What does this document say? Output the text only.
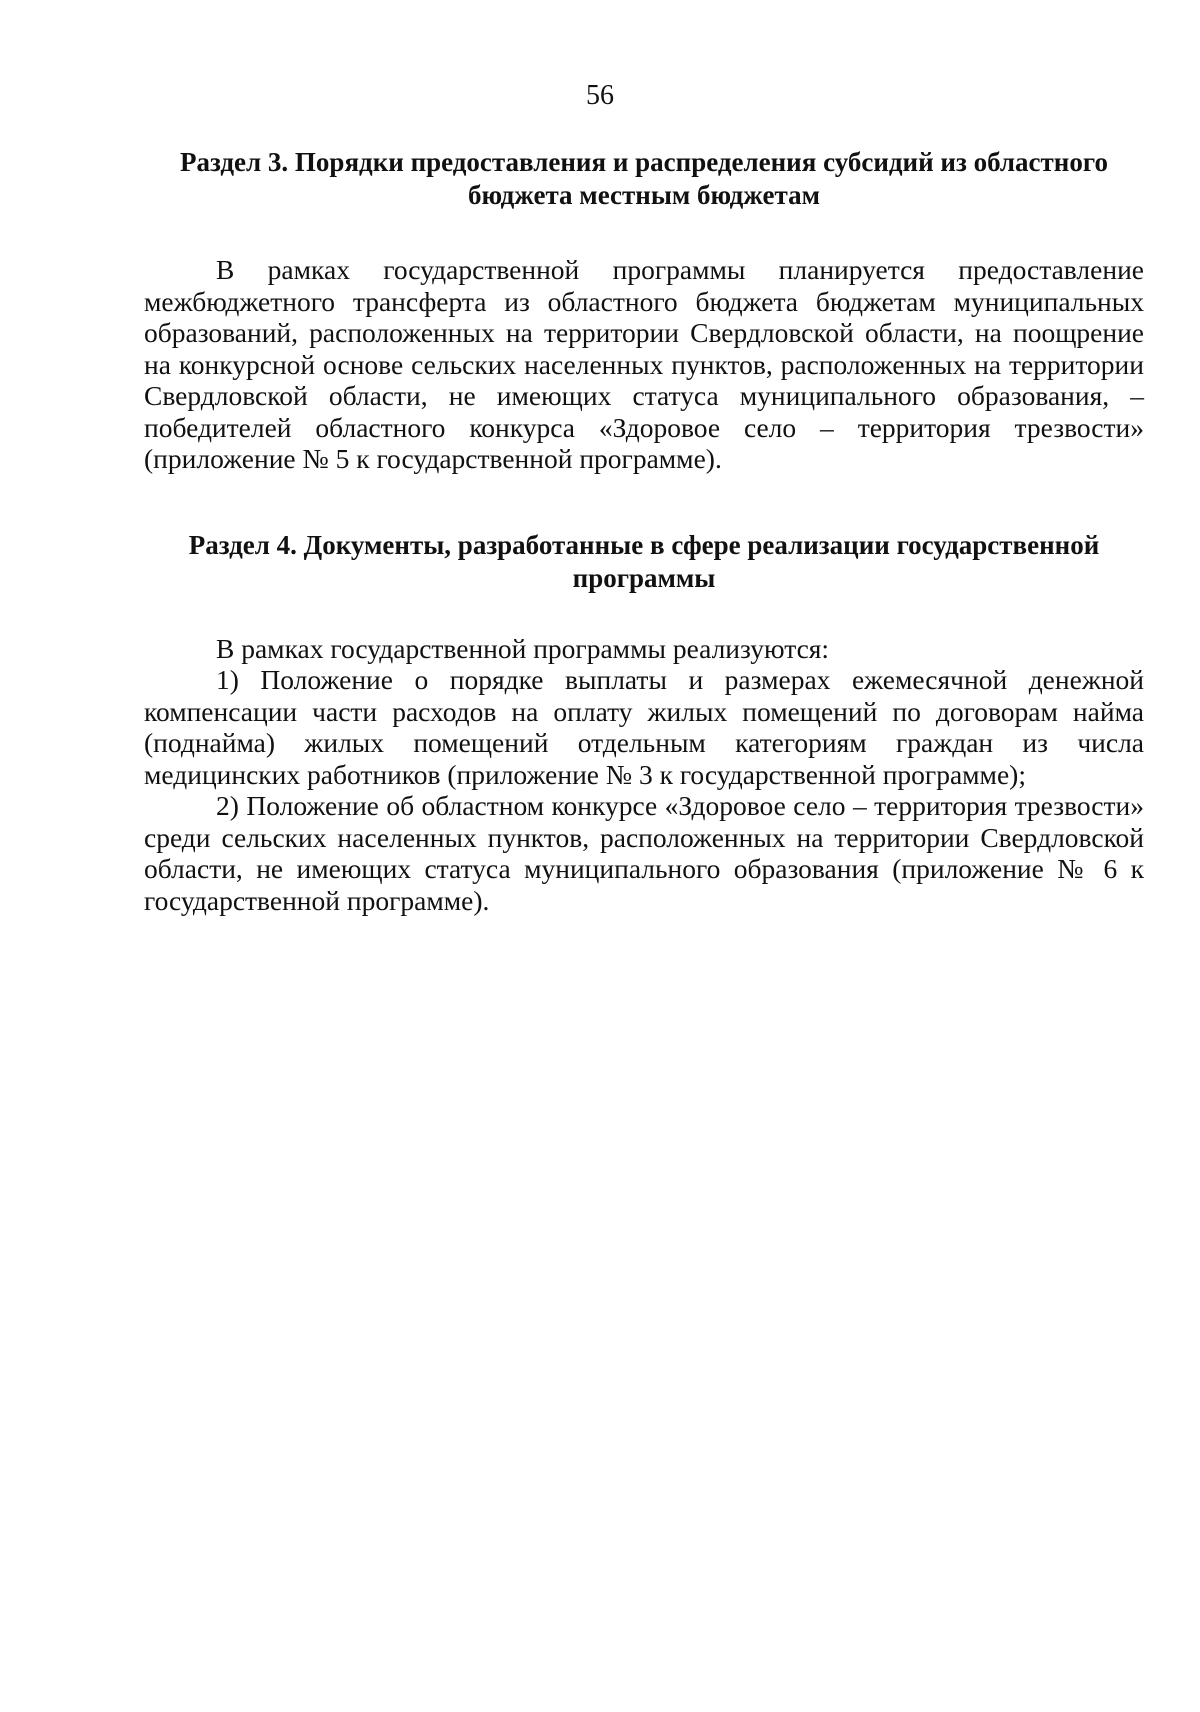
56

Раздел 3. Порядки предоставления и распределения субсидий из областного бюджета местным бюджетам

В рамках государственной программы планируется предоставление межбюджетного трансферта из областного бюджета бюджетам муниципальных образований, расположенных на территории Свердловской области, на поощрение на конкурсной основе сельских населенных пунктов, расположенных на территории Свердловской области, не имеющих статуса муниципального образования, – победителей областного конкурса «Здоровое село – территория трезвости» (приложение № 5 к государственной программе).

Раздел 4. Документы, разработанные в сфере реализации государственной программы

В рамках государственной программы реализуются:

1) Положение о порядке выплаты и размерах ежемесячной денежной компенсации части расходов на оплату жилых помещений по договорам найма (поднайма) жилых помещений отдельным категориям граждан из числа медицинских работников (приложение № 3 к государственной программе);

2) Положение об областном конкурсе «Здоровое село – территория трезвости» среди сельских населенных пунктов, расположенных на территории Свердловской области, не имеющих статуса муниципального образования (приложение № 6 к государственной программе).
